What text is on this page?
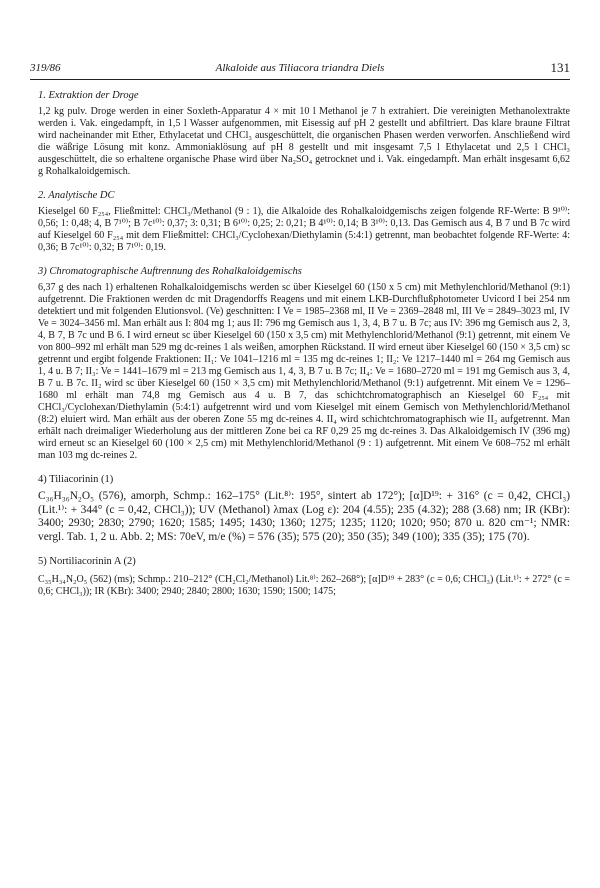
319/86	Alkaloide aus Tiliacora triandra Diels	131
1. Extraktion der Droge
1,2 kg pulv. Droge werden in einer Soxleth-Apparatur 4 × mit 10 l Methanol je 7 h extrahiert. Die vereinigten Methanolextrakte werden i. Vak. eingedampft, in 1,5 l Wasser aufgenommen, mit Eisessig auf pH 2 gestellt und abfiltriert. Das klare braune Filtrat wird nacheinander mit Ether, Ethylacetat und CHCl₃ ausgeschüttelt, die organischen Phasen werden verworfen. Anschließend wird die wäßrige Lösung mit konz. Ammoniaklösung auf pH 8 gestellt und mit insgesamt 7,5 l Ethylacetat und 2,5 l CHCl₃ ausgeschüttelt, die so erhaltene organische Phase wird über Na₂SO₄ getrocknet und i. Vak. eingedampft. Man erhält insgesamt 6,62 g Rohalkaloidgemisch.
2. Analytische DC
Kieselgel 60 F₂₅₄, Fließmittel: CHCl₃/Methanol (9 : 1), die Alkaloide des Rohalkaloidgemischs zeigen folgende RF-Werte: B 9¹⁰⁾: 0,56; 1: 0,48; 4, B 7¹⁰⁾; B 7c¹⁰⁾: 0,37; 3: 0,31; B 6¹⁰⁾: 0,25; 2: 0,21; B 4¹⁰⁾: 0,14; B 3¹⁰⁾: 0,13. Das Gemisch aus 4, B 7 und B 7c wird auf Kieselgel 60 F₂₅₄ mit dem Fließmittel: CHCl₃/Cyclohexan/Diethylamin (5:4:1) getrennt, man beobachtet folgende RF-Werte: 4: 0,36; B 7c¹⁰⁾: 0,32; B 7¹⁰⁾: 0,19.
3) Chromatographische Auftrennung des Rohalkaloidgemischs
6,37 g des nach 1) erhaltenen Rohalkaloidgemischs werden sc über Kieselgel 60 (150 x 5 cm) mit Methylenchlorid/Methanol (9:1) aufgetrennt. Die Fraktionen werden dc mit Dragendorffs Reagens und mit einem LKB-Durchflußphotometer Uvicord I bei 254 nm detektiert und mit folgenden Elutionsvol. (Ve) geschnitten: I Ve = 1985–2368 ml, II Ve = 2369–2848 ml, III Ve = 2849–3023 ml, IV Ve = 3024–3456 ml. Man erhält aus I: 804 mg 1; aus II: 796 mg Gemisch aus 1, 3, 4, B 7 u. B 7c; aus IV: 396 mg Gemisch aus 2, 3, 4, B 7, B 7c und B 6. I wird erneut sc über Kieselgel 60 (150 x 3,5 cm) mit Methylenchlorid/Methanol (9:1) getrennt, mit einem Ve von 800–992 ml erhält man 529 mg dc-reines 1 als weißen, amorphen Rückstand. II wird erneut über Kieselgel 60 (150 × 3,5 cm) sc getrennt und ergibt folgende Fraktionen: II₁: Ve 1041–1216 ml = 135 mg dc-reines 1; II₂: Ve 1217–1440 ml = 264 mg Gemisch aus 1, 4 u. B 7; II₃: Ve = 1441–1679 ml = 213 mg Gemisch aus 1, 4, 3, B 7 u. B 7c; II₄: Ve = 1680–2720 ml = 191 mg Gemisch aus 3, 4, B 7 u. B 7c. II₂ wird sc über Kieselgel 60 (150 × 3,5 cm) mit Methylenchlorid/Methanol (9:1) aufgetrennt. Mit einem Ve = 1296–1680 ml erhält man 74,8 mg Gemisch aus 4 u. B 7, das schichtchromatographisch an Kieselgel 60 F₂₅₄ mit CHCl₃/Cyclohexan/Diethylamin (5:4:1) aufgetrennt wird und vom Kieselgel mit einem Gemisch von Methylenchlorid/Methanol (8:2) eluiert wird. Man erhält aus der oberen Zone 55 mg dc-reines 4. II₄ wird schichtchromatographisch wie II₂ aufgetrennt. Man erhält nach dreimaliger Wiederholung aus der mittleren Zone bei ca RF 0,29 25 mg dc-reines 3. Das Alkaloidgemisch IV (396 mg) wird erneut sc an Kieselgel 60 (100 × 2,5 cm) mit Methylenchlorid/Methanol (9 : 1) aufgetrennt. Mit einem Ve 608–752 ml erhält man 103 mg dc-reines 2.
4) Tiliacorinin (1)
C₃₆H₃₆N₂O₅ (576), amorph, Schmp.: 162–175° (Lit.⁸⁾: 195°, sintert ab 172°); [α]D¹⁹: + 316° (c = 0,42, CHCl₃) (Lit.¹⁾: + 344° (c = 0,42, CHCl₃)); UV (Methanol) λmax (Log ε): 204 (4.55); 235 (4.32); 288 (3.68) nm; IR (KBr): 3400; 2930; 2830; 2790; 1620; 1585; 1495; 1430; 1360; 1275; 1235; 1120; 1020; 950; 870 u. 820 cm⁻¹; NMR: vergl. Tab. 1, 2 u. Abb. 2; MS: 70eV, m/e (%) = 576 (35); 575 (20); 350 (35); 349 (100); 335 (35); 175 (70).
5) Nortiliacorinin A (2)
C₃₅H₃₄N₂O₅ (562) (ms); Schmp.: 210–212° (CH₂Cl₂/Methanol) Lit.⁸⁾: 262–268°); [α]D¹⁹ + 283° (c = 0,6; CHCl₃) (Lit.¹⁾: + 272° (c = 0,6; CHCl₃)); IR (KBr): 3400; 2940; 2840; 2800; 1630; 1590; 1500; 1475;
